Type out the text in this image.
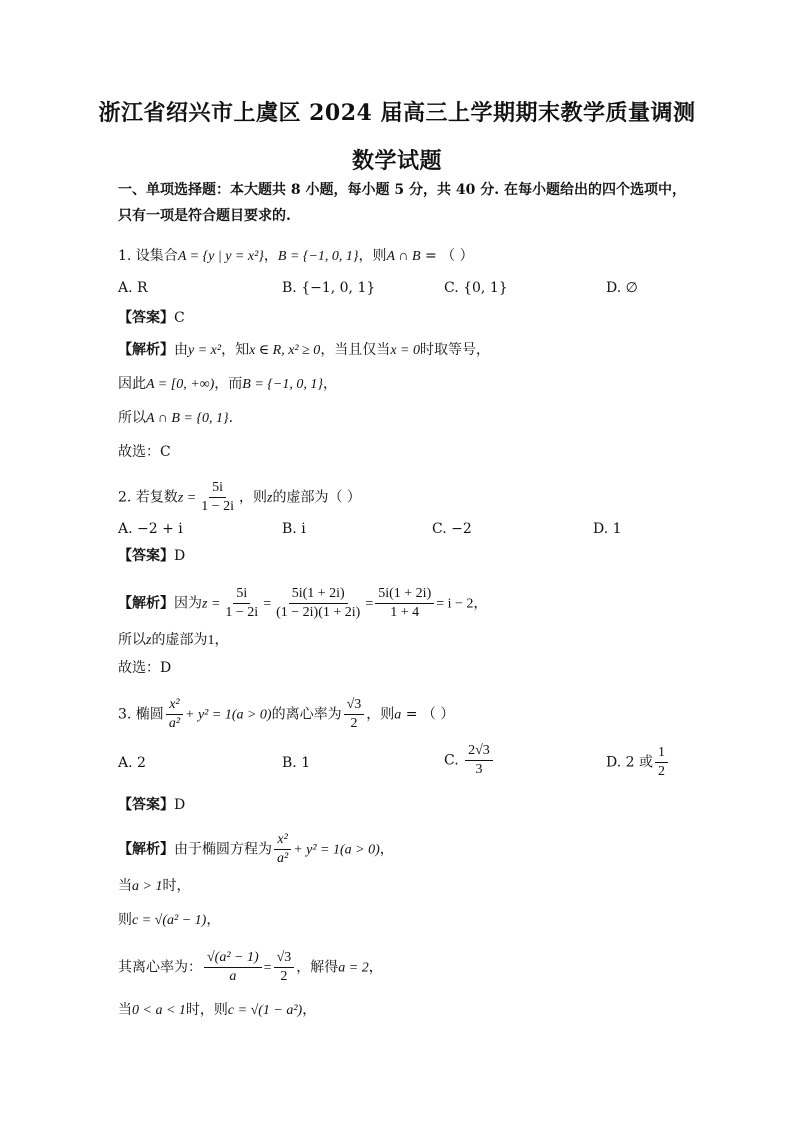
浙江省绍兴市上虞区 2024 届高三上学期期末教学质量调测
数学试题
一、单项选择题：本大题共 8 小题，每小题 5 分，共 40 分. 在每小题给出的四个选项中，
只有一项是符合题目要求的.
1. 设集合A = {y | y = x²}，B = {−1, 0, 1}，则A ∩ B = （ ）
A. R	B. {−1, 0, 1}	C. {0, 1}	D. ∅
【答案】C
【解析】由y = x²，知x ∈ R, x² ≥ 0，当且仅当x = 0时取等号，
因此A = [0, +∞)，而B = {−1, 0, 1}，
所以A ∩ B = {0, 1}.
故选：C
2. 若复数$z = \frac{5i}{1 - 2i}$ ，则z的虚部为（ ）
A. −2 + i	B. i	C. −2	D. 1
【答案】D
【解析】因为$z = \frac{5i}{1 - 2i} = \frac{5i(1 + 2i)}{(1 - 2i)(1 + 2i)} = \frac{5i(1 + 2i)}{1 + 4} = i - 2$，
所以z的虚部为1，
故选：D
3. 椭圆 $\frac{\text{x²}}{\text{a²}} + y^2 = 1(a > 0)$的离心率为 $\frac{√3}{2}$ ，则a = （ ）
A. 2	B. 1	C. $\frac{2√3}{3}$	D. 2 或 $\frac{1}{2}$
【答案】D
【解析】由于椭圆方程为 $\frac{\text{x²}}{\text{a²}} + y^2 = 1(a > 0)$，
当a > 1时，
则c = √(a² − 1)，
其离心率为： $\frac{\text{√(a² − 1)}}{a} = \frac{√3}{2}$ ，解得a = 2，
当0 < a < 1时，则c = √(1 − a²)，
